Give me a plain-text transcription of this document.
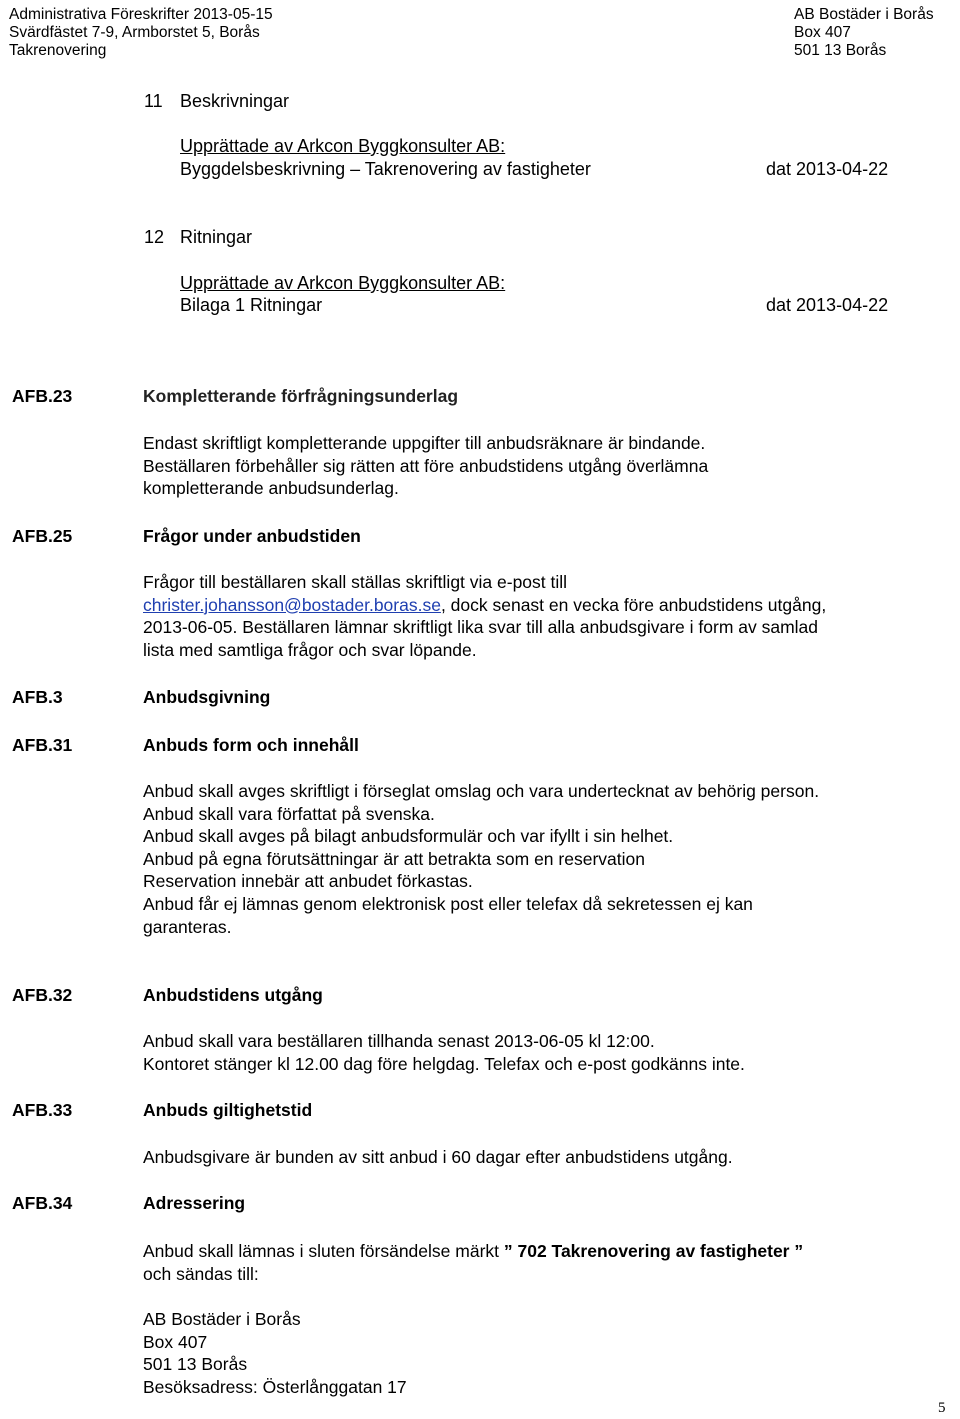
Administrativa Föreskrifter 2013-05-15
Svärdfästet 7-9, Armborstet 5, Borås
Takrenovering
AB Bostäder i Borås
Box 407
501 13 Borås
11 Beskrivningar
Upprättade av Arkcon Byggkonsulter AB:
Byggdelsbeskrivning – Takrenovering av fastigheter	dat 2013-04-22
12 Ritningar
Upprättade av Arkcon Byggkonsulter AB:
Bilaga 1 Ritningar	dat 2013-04-22
AFB.23	Kompletterande förfrågningsunderlag
Endast skriftligt kompletterande uppgifter till anbudsräknare är bindande.
Beställaren förbehåller sig rätten att före anbudstidens utgång överlämna
kompletterande anbudsunderlag.
AFB.25	Frågor under anbudstiden
Frågor till beställaren skall ställas skriftligt via e-post till
christer.johansson@bostader.boras.se, dock senast en vecka före anbudstidens utgång,
2013-06-05. Beställaren lämnar skriftligt lika svar till alla anbudsgivare i form av samlad
lista med samtliga frågor och svar löpande.
AFB.3	Anbudsgivning
AFB.31	Anbuds form och innehåll
Anbud skall avges skriftligt i förseglat omslag och vara undertecknat av behörig person.
Anbud skall vara författat på svenska.
Anbud skall avges på bilagt anbudsformulär och var ifyllt i sin helhet.
Anbud på egna förutsättningar är att betrakta som en reservation
Reservation innebär att anbudet förkastas.
Anbud får ej lämnas genom elektronisk post eller telefax då sekretessen ej kan
garanteras.
AFB.32	Anbudstidens utgång
Anbud skall vara beställaren tillhanda senast 2013-06-05 kl 12:00.
Kontoret stänger kl 12.00 dag före helgdag. Telefax och e-post godkänns inte.
AFB.33	Anbuds giltighetstid
Anbudsgivare är bunden av sitt anbud i 60 dagar efter anbudstidens utgång.
AFB.34	Adressering
Anbud skall lämnas i sluten försändelse märkt ” 702 Takrenovering av fastigheter ”
och sändas till:
AB Bostäder i Borås
Box 407
501 13 Borås
Besöksadress: Österlånggatan 17
5
